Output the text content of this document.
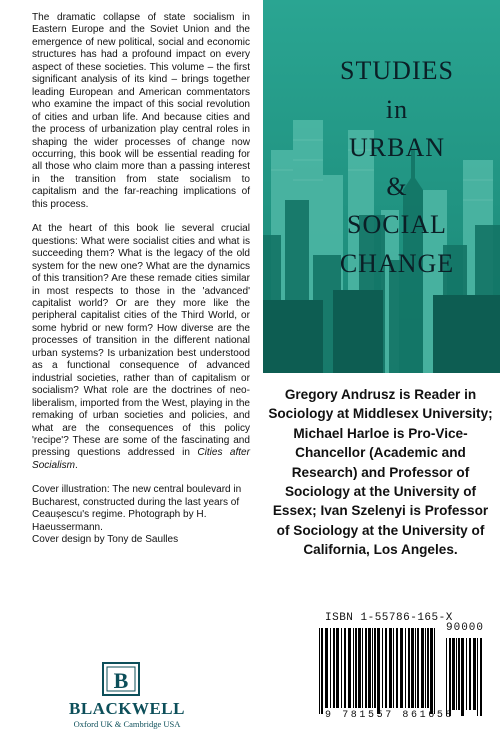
The dramatic collapse of state socialism in Eastern Europe and the Soviet Union and the emergence of new political, social and economic structures has had a profound impact on every aspect of these societies. This volume – the first significant analysis of its kind – brings together leading European and American commentators who examine the impact of this social revolution of cities and urban life. And because cities and the process of urbanization play central roles in shaping the wider processes of change now occurring, this book will be essential reading for all those who claim more than a passing interest in the transition from state socialism to capitalism and the far-reaching implications of this process.

At the heart of this book lie several crucial questions: What were socialist cities and what is succeeding them? What is the legacy of the old system for the new one? What are the dynamics of this transition? Are these remade cities similar in most respects to those in the 'advanced' capitalist world? Or are they more like the peripheral capitalist cities of the Third World, or some hybrid or new form? How diverse are the processes of transition in the different national urban systems? Is urbanization best understood as a functional consequence of advanced industrial societies, rather than of capitalism or socialism? What role are the doctrines of neo-liberalism, imported from the West, playing in the remaking of urban societies and policies, and what are the consequences of this policy 'recipe'? These are some of the fascinating and pressing questions addressed in Cities after Socialism.

Cover illustration: The new central boulevard in Bucharest, constructed during the last years of Ceaușescu's regime. Photograph by H. Haeussermann.

Cover design by Tony de Saulles

STUDIES
in
URBAN
&
SOCIAL
CHANGE
Gregory Andrusz is Reader in Sociology at Middlesex University; Michael Harloe is Pro-Vice-Chancellor (Academic and Research) and Professor of Sociology at the University of Essex; Ivan Szelenyi is Professor of Sociology at the University of California, Los Angeles.
ISBN 1-55786-165-X
90000
9 781557 861658
B
BLACKWELL
Oxford UK & Cambridge USA
